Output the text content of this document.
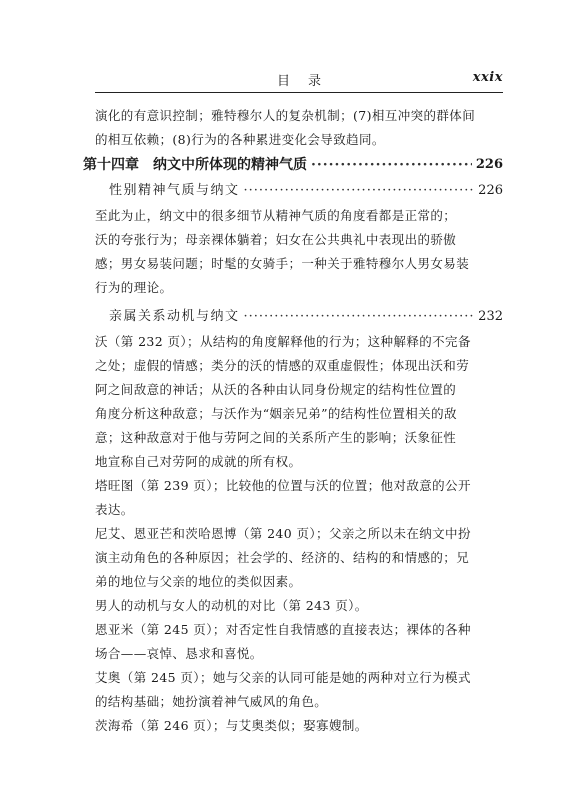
目录	xxix

演化的有意识控制；雅特穆尔人的复杂机制；(7)相互冲突的群体间
的相互依赖；(8)行为的各种累进变化会导致趋同。

第十四章　纳文中所体现的精神气质 ·····	226
性别精神气质与纳文 ·····	226

至此为止，纳文中的很多细节从精神气质的角度看都是正常的；
沃的夸张行为；母亲裸体躺着；妇女在公共典礼中表现出的骄傲
感；男女易装问题；时髦的女骑手；一种关于雅特穆尔人男女易装
行为的理论。

亲属关系动机与纳文 ·····	232

沃（第 232 页）；从结构的角度解释他的行为；这种解释的不完备
之处；虚假的情感；类分的沃的情感的双重虚假性；体现出沃和劳
阿之间敌意的神话；从沃的各种由认同身份规定的结构性位置的
角度分析这种敌意；与沃作为“姻亲兄弟”的结构性位置相关的敌
意；这种敌意对于他与劳阿之间的关系所产生的影响；沃象征性
地宣称自己对劳阿的成就的所有权。

塔旺图（第 239 页）；比较他的位置与沃的位置；他对敌意的公开
表达。

尼艾、恩亚芒和茨哈恩博（第 240 页）；父亲之所以未在纳文中扮
演主动角色的各种原因；社会学的、经济的、结构的和情感的；兄
弟的地位与父亲的地位的类似因素。

男人的动机与女人的动机的对比（第 243 页）。

恩亚米（第 245 页）；对否定性自我情感的直接表达；裸体的各种
场合——哀悼、恳求和喜悦。

艾奥（第 245 页）；她与父亲的认同可能是她的两种对立行为模式
的结构基础；她扮演着神气威风的角色。

茨海希（第 246 页）；与艾奥类似；娶寡嫂制。
